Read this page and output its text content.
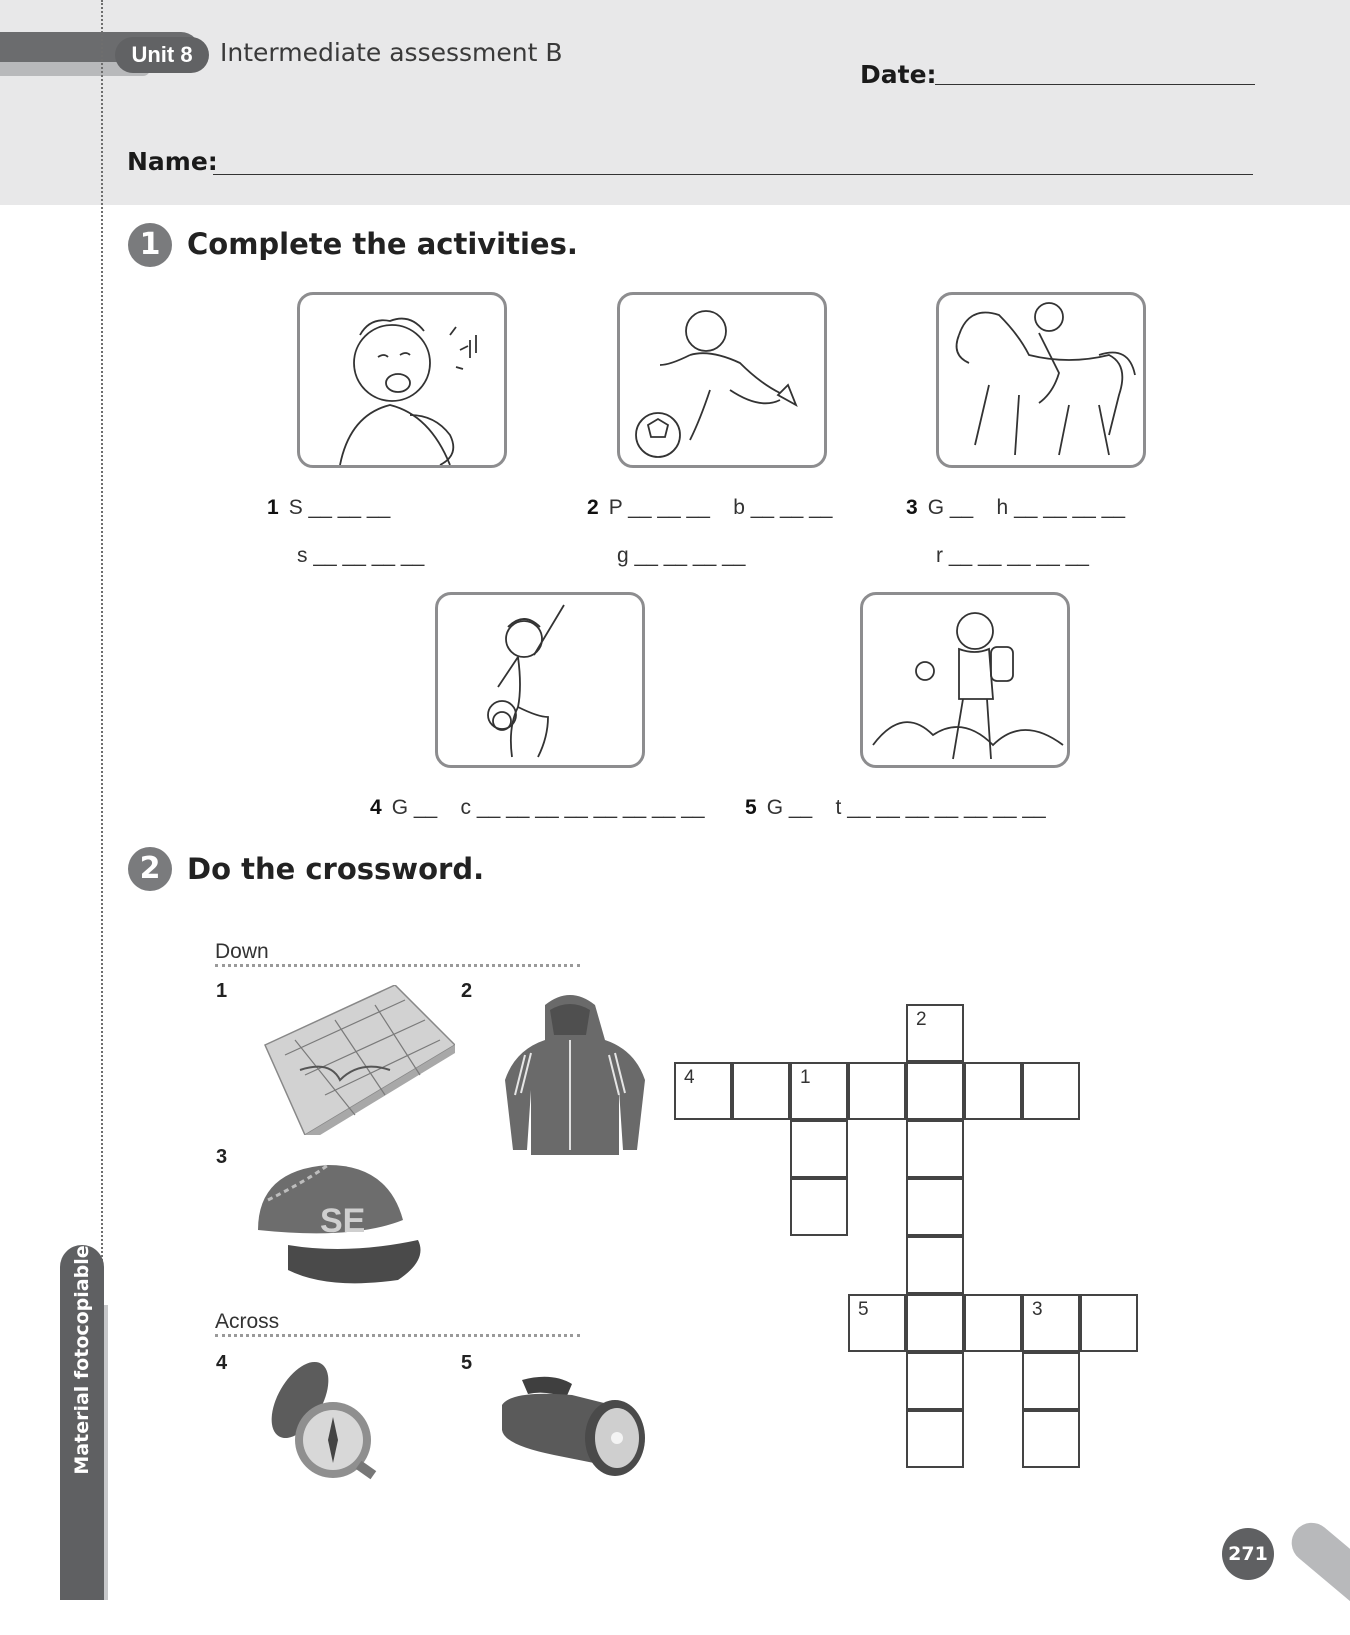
Unit 8	Intermediate assessment B
Date:
Name:
1 Complete the activities.
1 S __ __ __
s __ __ __ __
2 P __ __ __    b __ __ __
g __ __ __ __
3 G __    h __ __ __ __
r __ __ __ __ __
4 G __    c __ __ __ __ __ __ __ __ 5 G __    t __ __ __ __ __ __ __
2 Do the crossword.
Down
1	2
3
SE
Across
4	5
2
4	1
5	3
Material fotocopiable
271
